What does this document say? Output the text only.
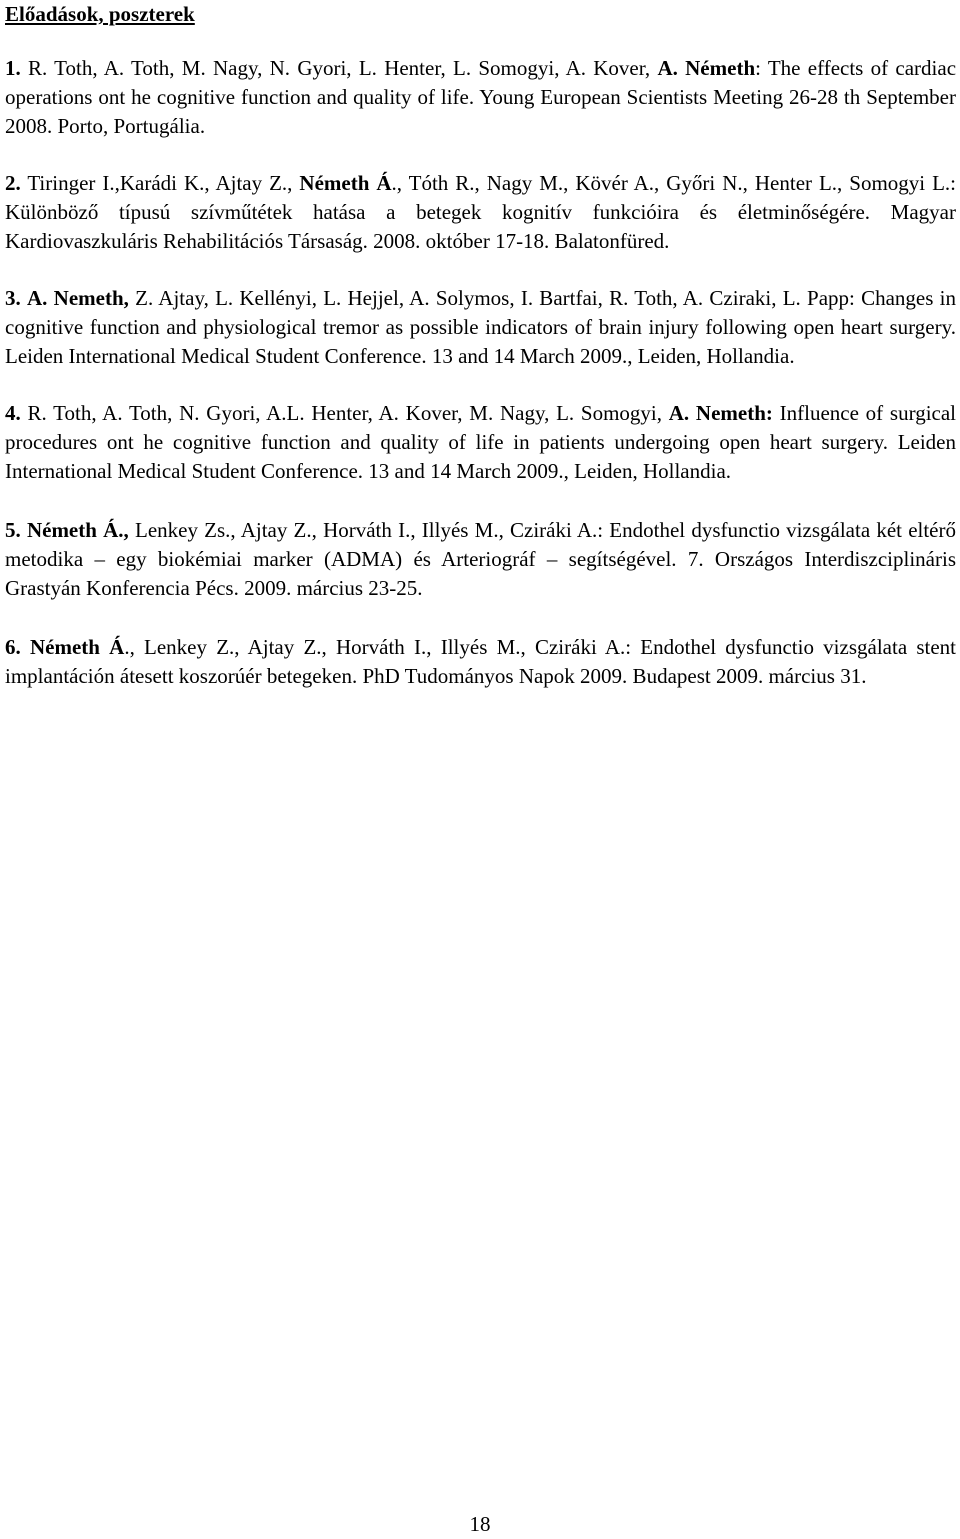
Előadások, poszterek

1. R. Toth, A. Toth, M. Nagy, N. Gyori, L. Henter, L. Somogyi, A. Kover, A. Németh: The effects of cardiac operations ont he cognitive function and quality of life. Young European Scientists Meeting 26-28 th September 2008. Porto, Portugália.

2. Tiringer I.,Karádi K., Ajtay Z., Németh Á., Tóth R., Nagy M., Kövér A., Győri N., Henter L., Somogyi L.: Különböző típusú szívműtétek hatása a betegek kognitív funkcióira és életminőségére. Magyar Kardiovaszkuláris Rehabilitációs Társaság. 2008. október 17-18. Balatonfüred.

3. A. Nemeth, Z. Ajtay, L. Kellényi, L. Hejjel, A. Solymos, I. Bartfai, R. Toth, A. Cziraki, L. Papp: Changes in cognitive function and physiological tremor as possible indicators of brain injury following open heart surgery. Leiden International Medical Student Conference. 13 and 14 March 2009., Leiden, Hollandia.

4. R. Toth, A. Toth, N. Gyori, A.L. Henter, A. Kover, M. Nagy, L. Somogyi, A. Nemeth: Influence of surgical procedures ont he cognitive function and quality of life in patients undergoing open heart surgery. Leiden International Medical Student Conference. 13 and 14 March 2009., Leiden, Hollandia.

5. Németh Á., Lenkey Zs., Ajtay Z., Horváth I., Illyés M., Cziráki A.: Endothel dysfunctio vizsgálata két eltérő metodika – egy biokémiai marker (ADMA) és Arteriográf – segítségével. 7. Országos Interdiszciplináris Grastyán Konferencia Pécs. 2009. március 23-25.

6. Németh Á., Lenkey Z., Ajtay Z., Horváth I., Illyés M., Cziráki A.: Endothel dysfunctio vizsgálata stent implantáción átesett koszorúér betegeken. PhD Tudományos Napok 2009. Budapest 2009. március 31.

18
